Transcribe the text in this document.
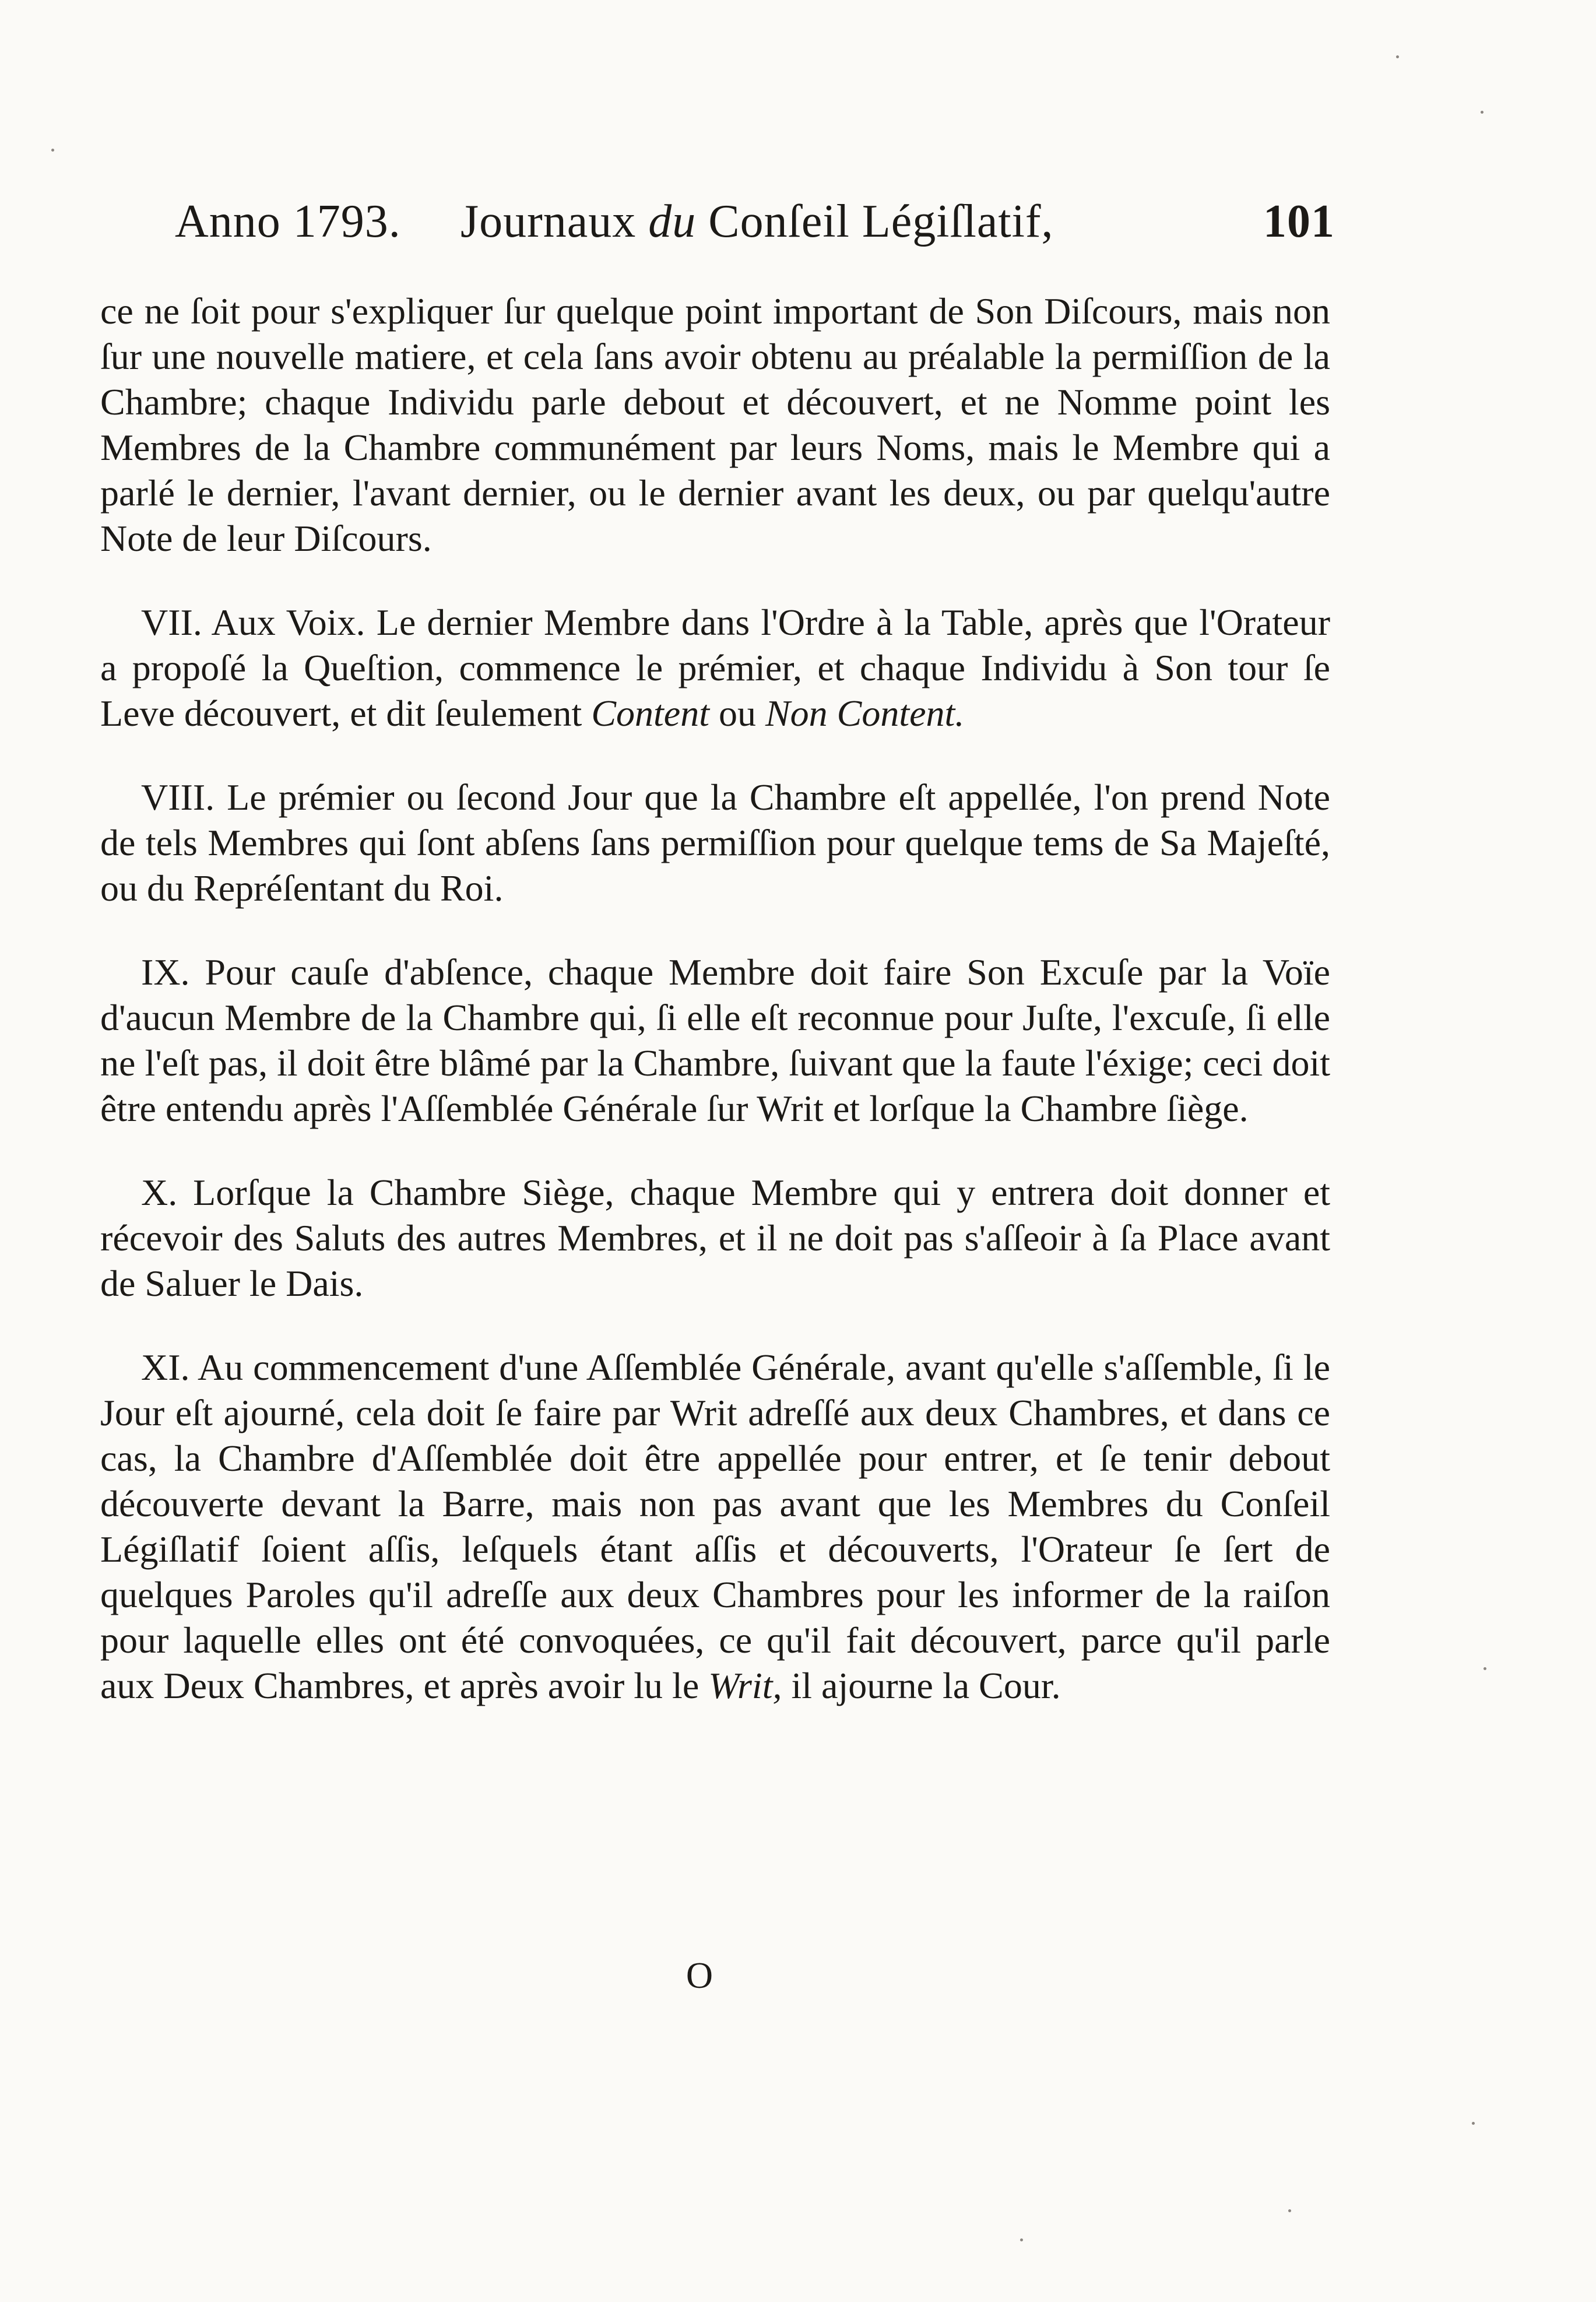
Anno 1793. Journaux du Conſeil Légiſlatif,	101

ce ne ſoit pour s'expliquer ſur quelque point important de Son Diſcours, mais non ſur une nouvelle matiere, et cela ſans avoir obtenu au préalable la permiſſion de la Chambre; chaque Individu parle debout et découvert, et ne Nomme point les Membres de la Chambre communément par leurs Noms, mais le Membre qui a parlé le dernier, l'avant dernier, ou le dernier avant les deux, ou par quelqu'autre Note de leur Diſcours.

VII. Aux Voix. Le dernier Membre dans l'Ordre à la Table, après que l'Orateur a propoſé la Queſtion, commence le prémier, et chaque Individu à Son tour ſe Leve découvert, et dit ſeulement Content ou Non Content.

VIII. Le prémier ou ſecond Jour que la Chambre eſt appellée, l'on prend Note de tels Membres qui ſont abſens ſans permiſſion pour quelque tems de Sa Majeſté, ou du Repréſentant du Roi.

IX. Pour cauſe d'abſence, chaque Membre doit faire Son Excuſe par la Voïe d'aucun Membre de la Chambre qui, ſi elle eſt reconnue pour Juſte, l'excuſe, ſi elle ne l'eſt pas, il doit être blâmé par la Chambre, ſuivant que la faute l'éxige; ceci doit être entendu après l'Aſſemblée Générale ſur Writ et lorſque la Chambre ſiège.

X. Lorſque la Chambre Siège, chaque Membre qui y entrera doit donner et récevoir des Saluts des autres Membres, et il ne doit pas s'aſſeoir à ſa Place avant de Saluer le Dais.

XI. Au commencement d'une Aſſemblée Générale, avant qu'elle s'aſſemble, ſi le Jour eſt ajourné, cela doit ſe faire par Writ adreſſé aux deux Chambres, et dans ce cas, la Chambre d'Aſſemblée doit être appellée pour entrer, et ſe tenir debout découverte devant la Barre, mais non pas avant que les Membres du Conſeil Légiſlatif ſoient aſſis, leſquels étant aſſis et découverts, l'Orateur ſe ſert de quelques Paroles qu'il adreſſe aux deux Chambres pour les informer de la raiſon pour laquelle elles ont été convoquées, ce qu'il fait découvert, parce qu'il parle aux Deux Chambres, et après avoir lu le Writ, il ajourne la Cour.

O
